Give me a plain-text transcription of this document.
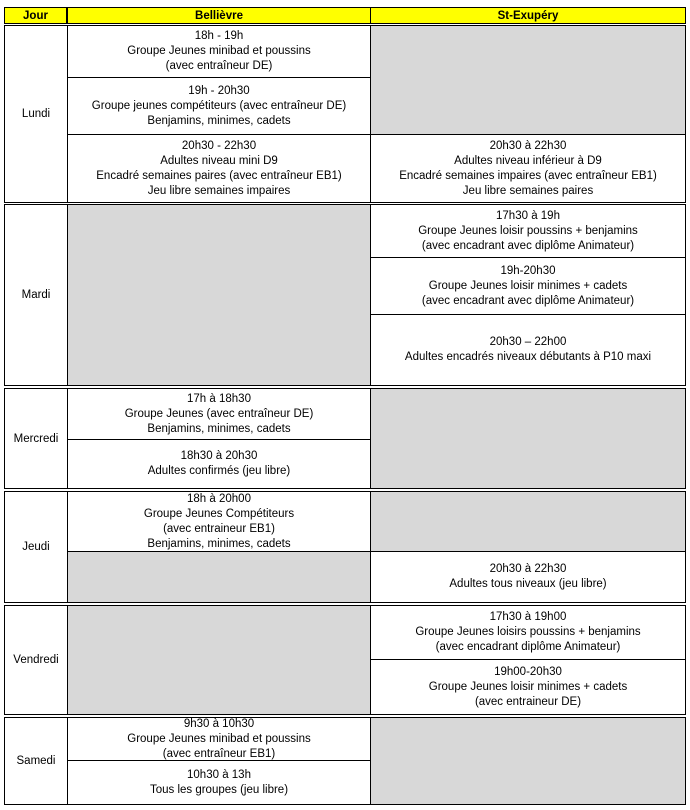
Jour	Bellièvre	St-Exupéry
Lundi
18h - 19h
Groupe Jeunes minibad et poussins
(avec entraîneur DE)
19h - 20h30
Groupe jeunes compétiteurs (avec entraîneur DE)
Benjamins, minimes, cadets
20h30 - 22h30
Adultes niveau mini D9
Encadré semaines paires (avec entraîneur EB1)
Jeu libre semaines impaires
20h30 à 22h30
Adultes niveau inférieur à D9
Encadré semaines impaires (avec entraîneur EB1)
Jeu libre semaines paires
Mardi
17h30 à 19h
Groupe Jeunes loisir poussins + benjamins
(avec encadrant avec diplôme Animateur)
19h-20h30
Groupe Jeunes loisir minimes + cadets
(avec encadrant avec diplôme Animateur)
20h30 – 22h00
Adultes encadrés niveaux débutants à P10 maxi
Mercredi
17h à 18h30
Groupe Jeunes (avec entraîneur DE)
Benjamins, minimes, cadets
18h30 à 20h30
Adultes confirmés (jeu libre)
Jeudi
18h à 20h00
Groupe Jeunes Compétiteurs
(avec entraineur EB1)
Benjamins, minimes, cadets
20h30 à 22h30
Adultes tous niveaux (jeu libre)
Vendredi
17h30 à 19h00
Groupe Jeunes loisirs poussins + benjamins
(avec encadrant diplôme Animateur)
19h00-20h30
Groupe Jeunes loisir minimes + cadets
(avec entraineur DE)
Samedi
9h30 à 10h30
Groupe Jeunes minibad et poussins
(avec entraîneur EB1)
10h30 à 13h
Tous les groupes (jeu libre)
